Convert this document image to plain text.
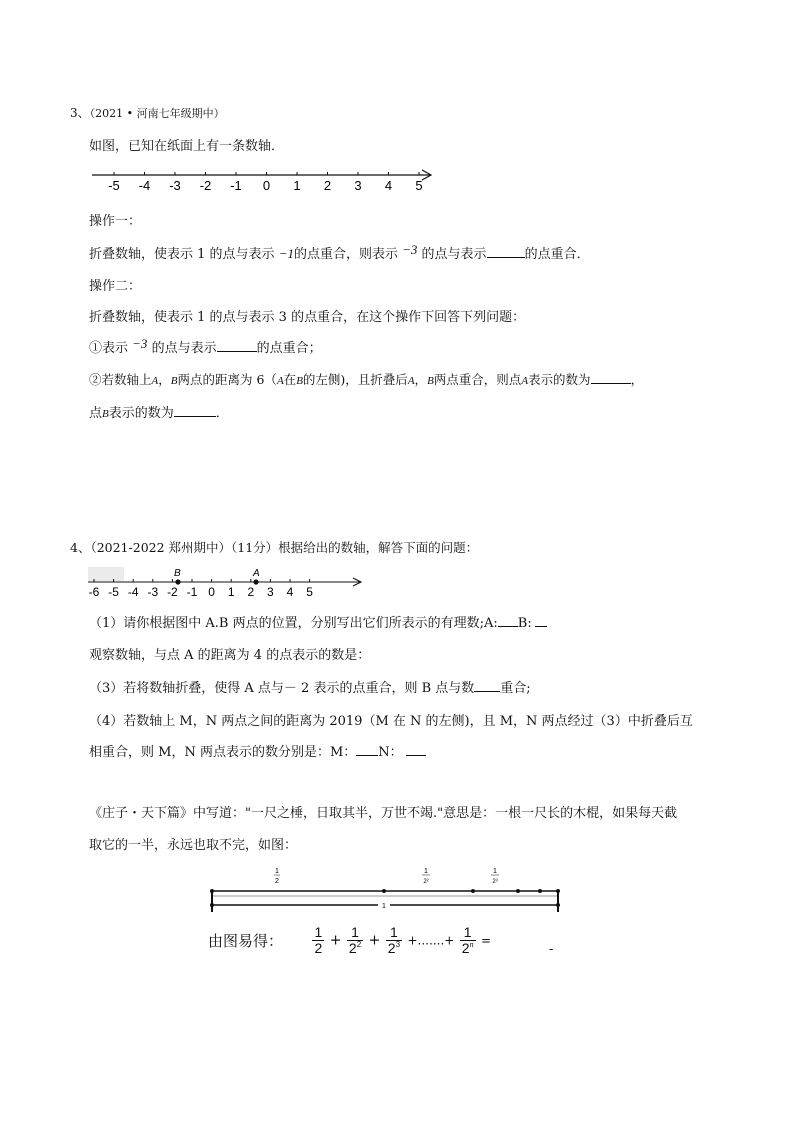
3、（2021 • 河南七年级期中）
如图，已知在纸面上有一条数轴．
-5 -4 -3 -2 -1 0 1 2 3 4 5
操作一：
折叠数轴，使表示 1 的点与表示 −1的点重合，则表示 −3 的点与表示	的点重合．
操作二：
折叠数轴，使表示 1 的点与表示 3 的点重合，在这个操作下回答下列问题：
①表示 −3 的点与表示	的点重合；
②若数轴上A，B两点的距离为 6（A在B的左侧)，且折叠后A，B两点重合，则点A表示的数为	，
点B表示的数为	．
4、（2021-2022 郑州期中）（11分）根据给出的数轴，解答下面的问题：
-6 -5 -4 -3 -2 -1 0 1 2 3 4 5
B	A
（1）请你根据图中 A.B 两点的位置，分别写出它们所表示的有理数;A: B:
观察数轴，与点 A 的距离为 4 的点表示的数是：
（3）若将数轴折叠，使得 A 点与－ 2 表示的点重合，则 B 点与数 重合;
（4）若数轴上 M，N 两点之间的距离为 2019（M 在 N 的左侧)，且 M，N 两点经过（3）中折叠后互
相重合，则 M，N 两点表示的数分别是：M： N：
《庄子・天下篇》中写道："一尺之棰，日取其半，万世不竭."意思是：一根一尺长的木棍，如果每天截
取它的一半，永远也取不完，如图：
1
2
1
2²
1
2³
1
由图易得： $\frac{1}{2} + \frac{1}{2^2} + \frac{1}{2^3}$ +.......+ $\frac{1}{2^n}$ =
-
